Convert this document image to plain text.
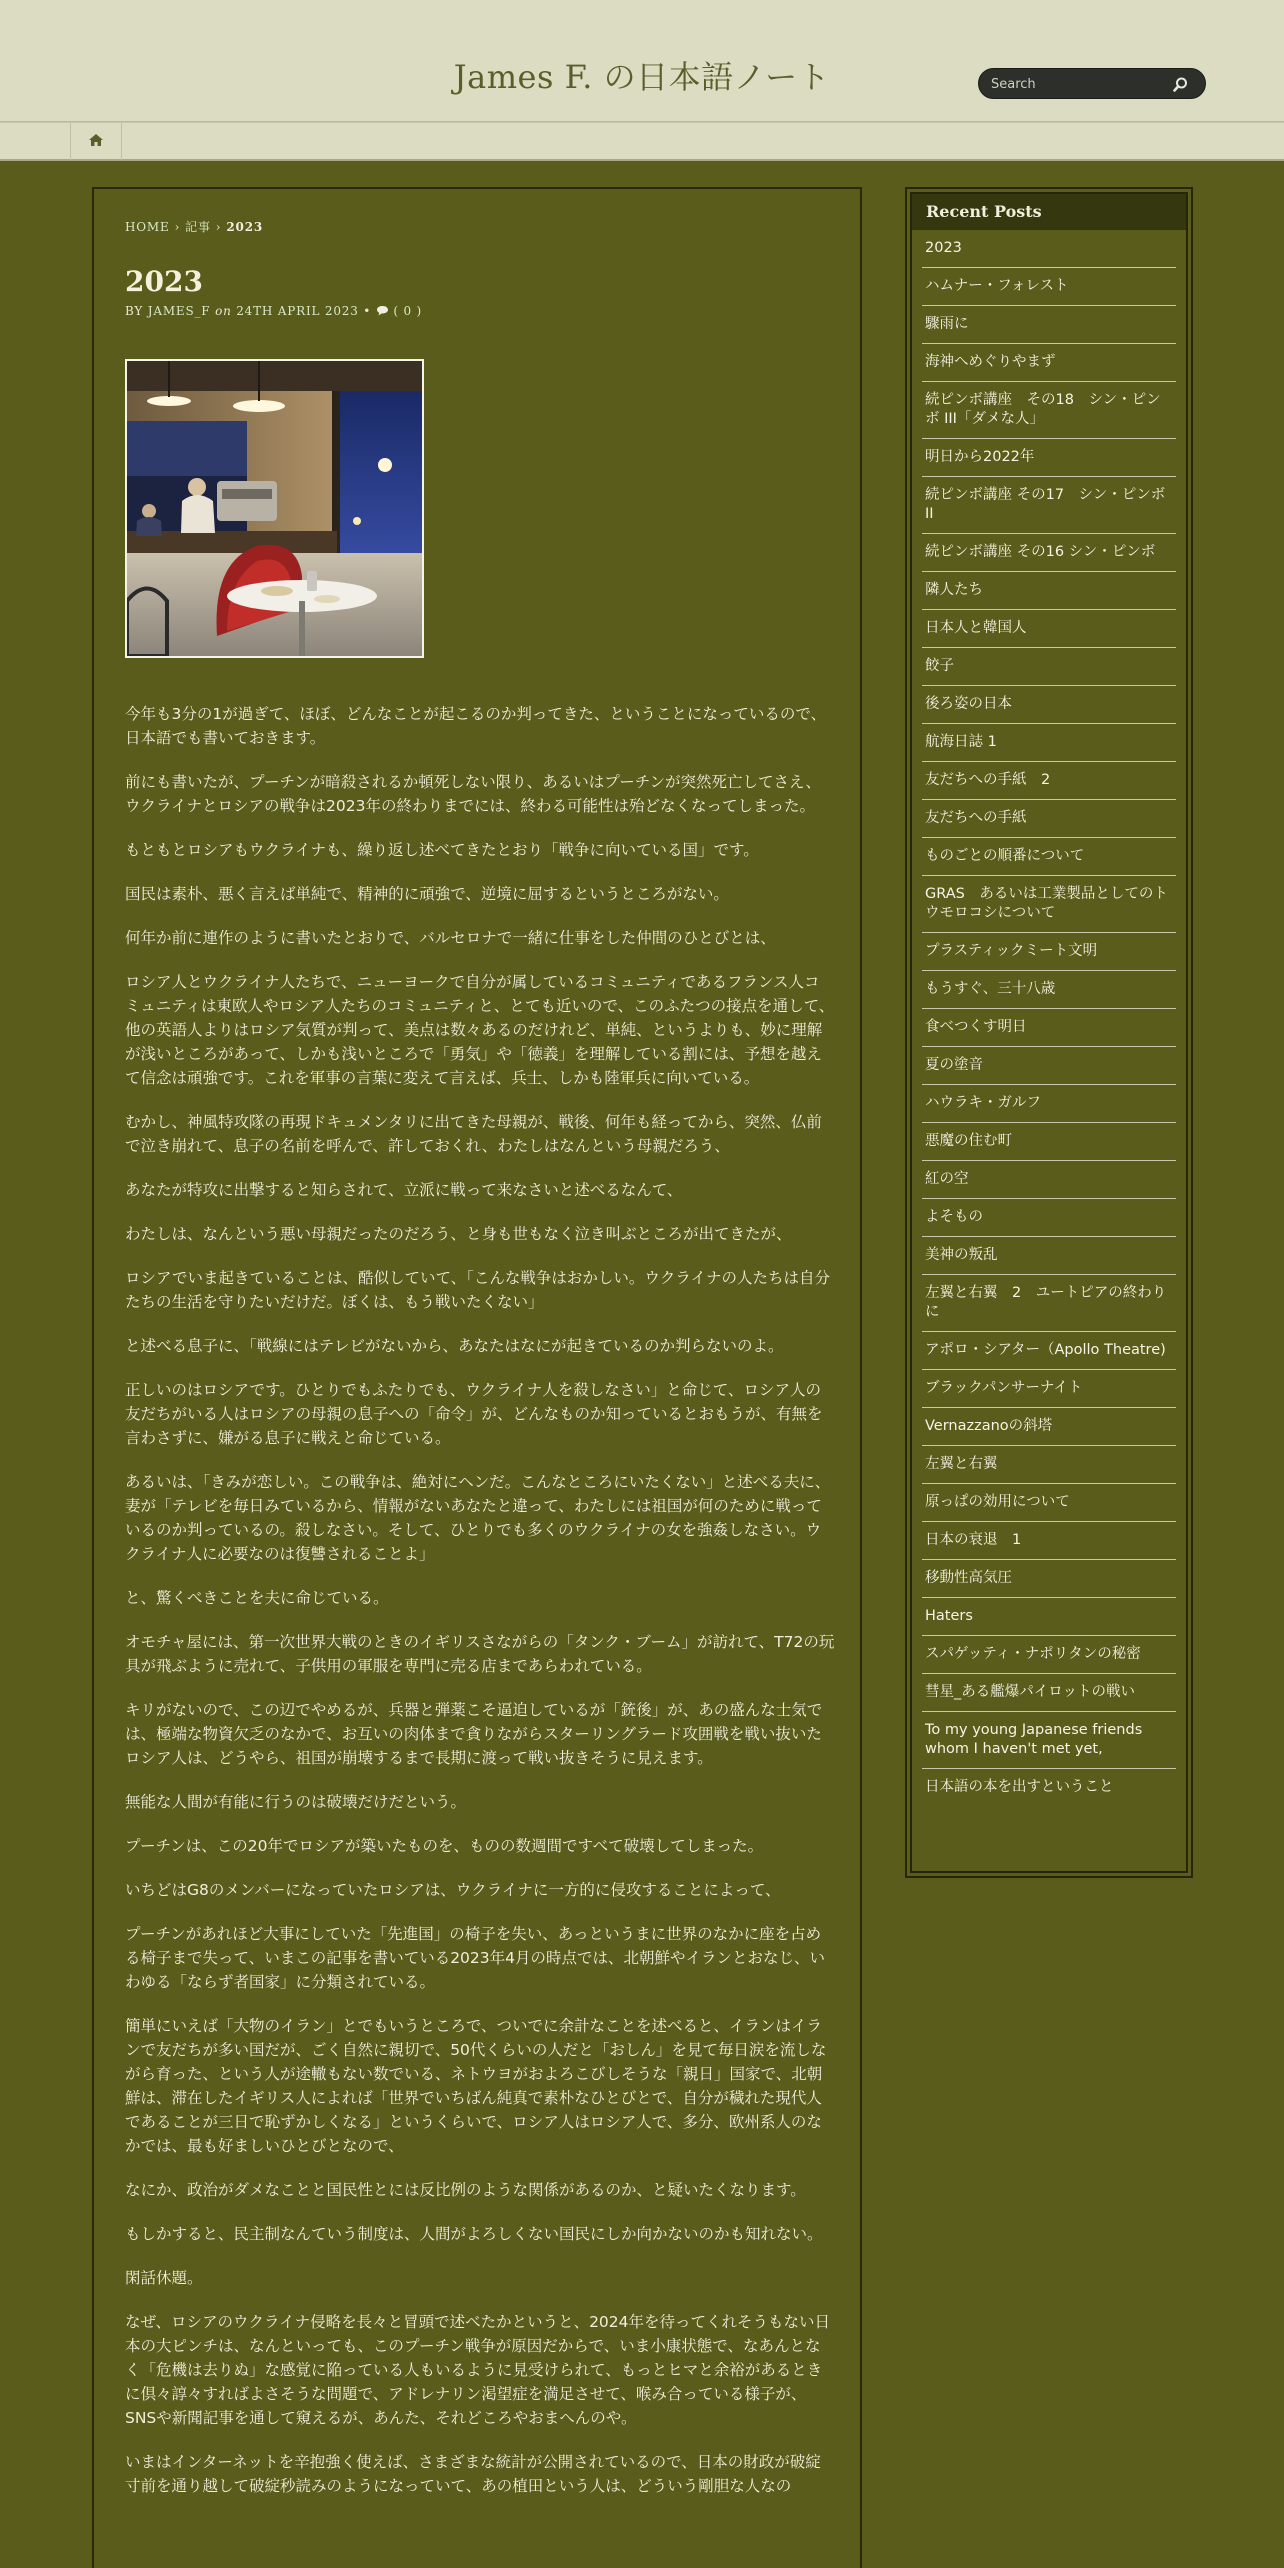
James F. の日本語ノート
Search
HOME › 記事 › 2023
2023
BY JAMES_F on 24TH APRIL 2023 • ( 0 )

今年も3分の1が過ぎて、ほぼ、どんなことが起こるのか判ってきた、ということになっているので、日本語でも書いておきます。

前にも書いたが、プーチンが暗殺されるか頓死しない限り、あるいはプーチンが突然死亡してさえ、ウクライナとロシアの戦争は2023年の終わりまでには、終わる可能性は殆どなくなってしまった。

もともとロシアもウクライナも、繰り返し述べてきたとおり「戦争に向いている国」です。

国民は素朴、悪く言えば単純で、精神的に頑強で、逆境に屈するというところがない。

何年か前に連作のように書いたとおりで、バルセロナで一緒に仕事をした仲間のひとびとは、

ロシア人とウクライナ人たちで、ニューヨークで自分が属しているコミュニティであるフランス人コミュニティは東欧人やロシア人たちのコミュニティと、とても近いので、このふたつの接点を通して、他の英語人よりはロシア気質が判って、美点は数々あるのだけれど、単純、というよりも、妙に理解が浅いところがあって、しかも浅いところで「勇気」や「徳義」を理解している割には、予想を越えて信念は頑強です。これを軍事の言葉に変えて言えば、兵士、しかも陸軍兵に向いている。

むかし、神風特攻隊の再現ドキュメンタリに出てきた母親が、戦後、何年も経ってから、突然、仏前で泣き崩れて、息子の名前を呼んで、許しておくれ、わたしはなんという母親だろう、

あなたが特攻に出撃すると知らされて、立派に戦って来なさいと述べるなんて、

わたしは、なんという悪い母親だったのだろう、と身も世もなく泣き叫ぶところが出てきたが、

ロシアでいま起きていることは、酷似していて、「こんな戦争はおかしい。ウクライナの人たちは自分たちの生活を守りたいだけだ。ぼくは、もう戦いたくない」

と述べる息子に、「戦線にはテレビがないから、あなたはなにが起きているのか判らないのよ。

正しいのはロシアです。ひとりでもふたりでも、ウクライナ人を殺しなさい」と命じて、ロシア人の友だちがいる人はロシアの母親の息子への「命令」が、どんなものか知っているとおもうが、有無を言わさずに、嫌がる息子に戦えと命じている。

あるいは、「きみが恋しい。この戦争は、絶対にヘンだ。こんなところにいたくない」と述べる夫に、妻が「テレビを毎日みているから、情報がないあなたと違って、わたしには祖国が何のために戦っているのか判っているの。殺しなさい。そして、ひとりでも多くのウクライナの女を強姦しなさい。ウクライナ人に必要なのは復讐されることよ」

と、驚くべきことを夫に命じている。

オモチャ屋には、第一次世界大戦のときのイギリスさながらの「タンク・ブーム」が訪れて、T72の玩具が飛ぶように売れて、子供用の軍服を専門に売る店まであらわれている。

キリがないので、この辺でやめるが、兵器と弾薬こそ逼迫しているが「銃後」が、あの盛んな士気では、極端な物資欠乏のなかで、お互いの肉体まで貪りながらスターリングラード攻囲戦を戦い抜いたロシア人は、どうやら、祖国が崩壊するまで長期に渡って戦い抜きそうに見えます。

無能な人間が有能に行うのは破壊だけだという。

プーチンは、この20年でロシアが築いたものを、ものの数週間ですべて破壊してしまった。

いちどはG8のメンバーになっていたロシアは、ウクライナに一方的に侵攻することによって、

プーチンがあれほど大事にしていた「先進国」の椅子を失い、あっというまに世界のなかに座を占める椅子まで失って、いまこの記事を書いている2023年4月の時点では、北朝鮮やイランとおなじ、いわゆる「ならず者国家」に分類されている。

簡単にいえば「大物のイラン」とでもいうところで、ついでに余計なことを述べると、イランはイランで友だちが多い国だが、ごく自然に親切で、50代くらいの人だと「おしん」を見て毎日涙を流しながら育った、という人が途轍もない数でいる、ネトウヨがおよろこびしそうな「親日」国家で、北朝鮮は、滞在したイギリス人によれば「世界でいちばん純真で素朴なひとびとで、自分が穢れた現代人であることが三日で恥ずかしくなる」というくらいで、ロシア人はロシア人で、多分、欧州系人のなかでは、最も好ましいひとびとなので、

なにか、政治がダメなことと国民性とには反比例のような関係があるのか、と疑いたくなります。

もしかすると、民主制なんていう制度は、人間がよろしくない国民にしか向かないのかも知れない。

閑話休題。

なぜ、ロシアのウクライナ侵略を長々と冒頭で述べたかというと、2024年を待ってくれそうもない日本の大ピンチは、なんといっても、このプーチン戦争が原因だからで、いま小康状態で、なあんとなく「危機は去りぬ」な感覚に陥っている人もいるように見受けられて、もっとヒマと余裕があるときに倶々諄々すればよさそうな問題で、アドレナリン渇望症を満足させて、喉み合っている様子が、SNSや新聞記事を通して窺えるが、あんた、それどころやおまへんのや。

いまはインターネットを辛抱強く使えば、さまざまな統計が公開されているので、日本の財政が破綻寸前を通り越して破綻秒読みのようになっていて、あの植田という人は、どういう剛胆な人なの

Recent Posts
2023
ハムナー・フォレスト
驟雨に
海神へめぐりやまず
続ピンボ講座　その18　シン・ピンボ III「ダメな人」
明日から2022年
続ピンボ講座 その17　シン・ピンボ II
続ピンボ講座 その16 シン・ピンボ
隣人たち
日本人と韓国人
餃子
後ろ姿の日本
航海日誌 1
友だちへの手紙　2
友だちへの手紙
ものごとの順番について
GRAS　あるいは工業製品としてのトウモロコシについて
プラスティックミート文明
もうすぐ、三十八歳
食べつくす明日
夏の塗音
ハウラキ・ガルフ
悪魔の住む町
紅の空
よそもの
美神の叛乱
左翼と右翼　2　ユートピアの終わりに
アポロ・シアター（Apollo Theatre)
ブラックパンサーナイト
Vernazzanoの斜塔
左翼と右翼
原っぱの効用について
日本の衰退　1
移動性高気圧
Haters
スパゲッティ・ナポリタンの秘密
彗星_ある艦爆パイロットの戦い
To my young Japanese friends whom I haven't met yet,
日本語の本を出すということ
